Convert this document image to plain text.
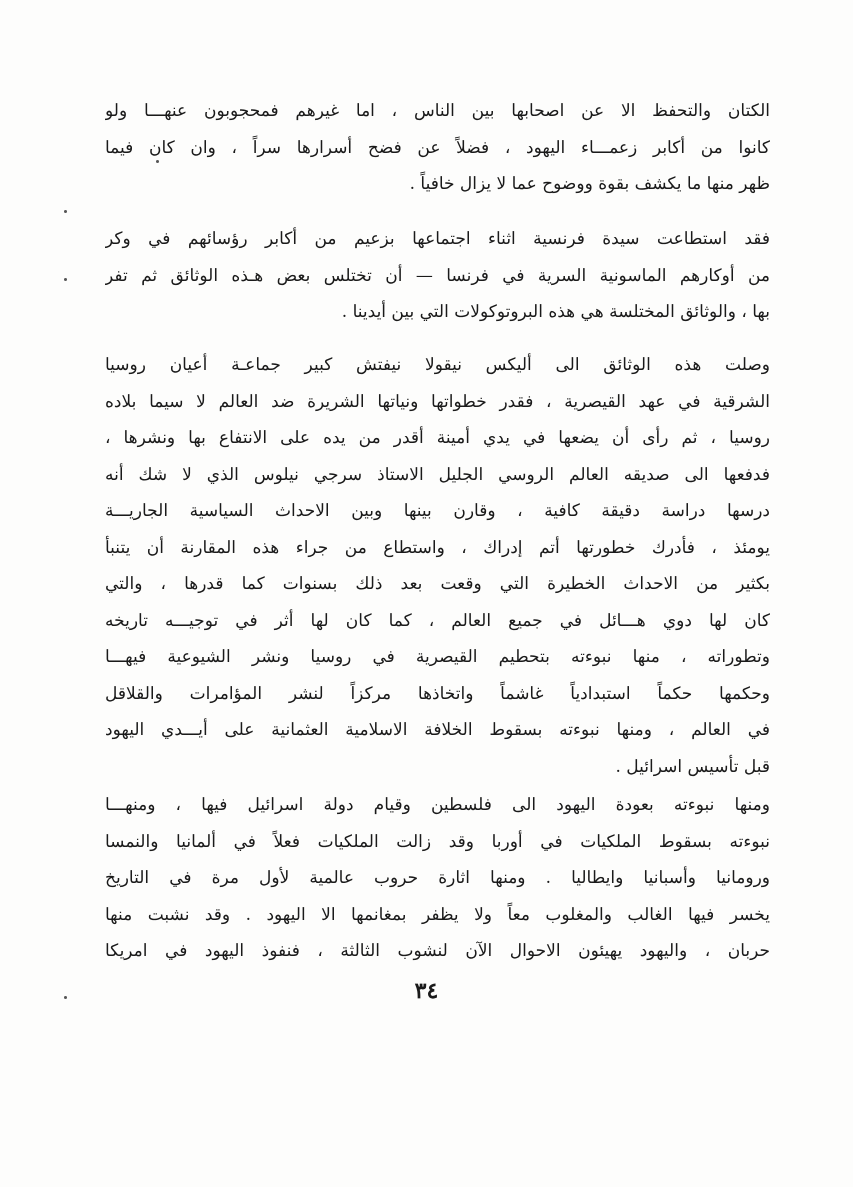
الكتان والتحفظ الا عن اصحابها بين الناس ، اما غيرهم فمحجوبون عنهـــا ولو
كانوا من أكابر زعمـــاء اليهود ، فضلاً عن فضح أسرارها سراً ، وان كان فيما
ظهر منها ما يكشف بقوة ووضوح عما لا يزال خافياً .
فقد استطاعت سيدة فرنسية اثناء اجتماعها بزعيم من أكابر رؤسائهم في وكر
من أوكارهم الماسونية السرية في فرنسا — أن تختلس بعض هـذه الوثائق ثم تفر
بها ، والوثائق المختلسة هي هذه البروتوكولات التي بين أيدينا .
وصلت هذه الوثائق الى أليكس نيقولا نيفتش كبير جماعـة أعيان روسيا
الشرقية في عهد القيصرية ، فقدر خطواتها ونياتها الشريرة ضد العالم لا سيما بلاده
روسيا ، ثم رأى أن يضعها في يدي أمينة أقدر من يده على الانتفاع بها ونشرها ،
فدفعها الى صديقه العالم الروسي الجليل الاستاذ سرجي نيلوس الذي لا شك أنه
درسها دراسة دقيقة كافية ، وقارن بينها وبين الاحداث السياسية الجاريـــة
يومئذ ، فأدرك خطورتها أتم إدراك ، واستطاع من جراء هذه المقارنة أن يتنبأ
بكثير من الاحداث الخطيرة التي وقعت بعد ذلك بسنوات كما قدرها ، والتي
كان لها دوي هـــائل في جميع العالم ، كما كان لها أثر في توجيـــه تاريخه
وتطوراته ، منها نبوءته بتحطيم القيصرية في روسيا ونشر الشيوعية فيهـــا
وحكمها حكماً استبدادياً غاشماً واتخاذها مركزاً لنشر المؤامرات والقلاقل
في العالم ، ومنها نبوءته بسقوط الخلافة الاسلامية العثمانية على أيـــدي اليهود
قبل تأسيس اسرائيل .
ومنها نبوءته بعودة اليهود الى فلسطين وقيام دولة اسرائيل فيها ، ومنهـــا
نبوءته بسقوط الملكيات في أوربا وقد زالت الملكيات فعلاً في ألمانيا والنمسا
ورومانيا وأسبانيا وايطاليا . ومنها اثارة حروب عالمية لأول مرة في التاريخ
يخسر فيها الغالب والمغلوب معاً ولا يظفر بمغانمها الا اليهود . وقد نشبت منها
حربان ، واليهود يهيئون الاحوال الآن لنشوب الثالثة ، فنفوذ اليهود في امريكا
٣٤
